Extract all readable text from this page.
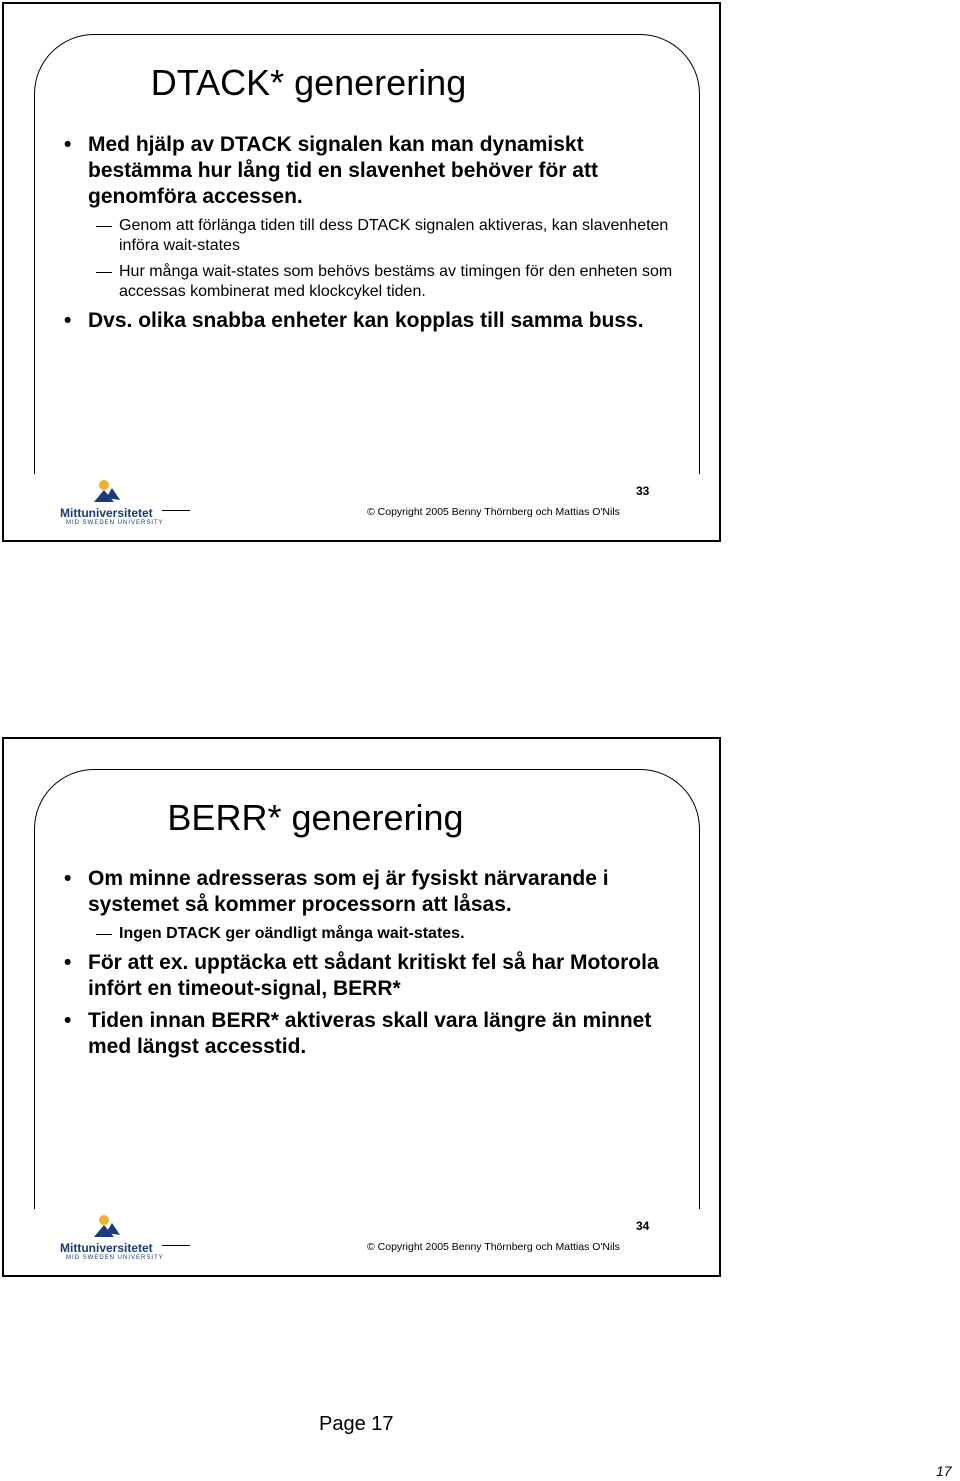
DTACK* generering
• Med hjälp av DTACK signalen kan man dynamiskt bestämma hur lång tid en slavenhet behöver för att genomföra accessen.
Genom att förlänga tiden till dess DTACK signalen aktiveras, kan slavenheten införa wait-states
Hur många wait-states som behövs bestäms av timingen för den enheten som accessas kombinerat med klockcykel tiden.
• Dvs. olika snabba enheter kan kopplas till samma buss.
Mittuniversitetet
MID SWEDEN UNIVERSITY
© Copyright 2005 Benny Thörnberg och Mattias O'Nils
33
BERR* generering
• Om minne adresseras som ej är fysiskt närvarande i systemet så kommer processorn att låsas.
Ingen DTACK ger oändligt många wait-states.
• För att ex. upptäcka ett sådant kritiskt fel så har Motorola infört en timeout-signal, BERR*
• Tiden innan BERR* aktiveras skall vara längre än minnet med längst accesstid.
Mittuniversitetet
MID SWEDEN UNIVERSITY
© Copyright 2005 Benny Thörnberg och Mattias O'Nils
34
Page 17
17
